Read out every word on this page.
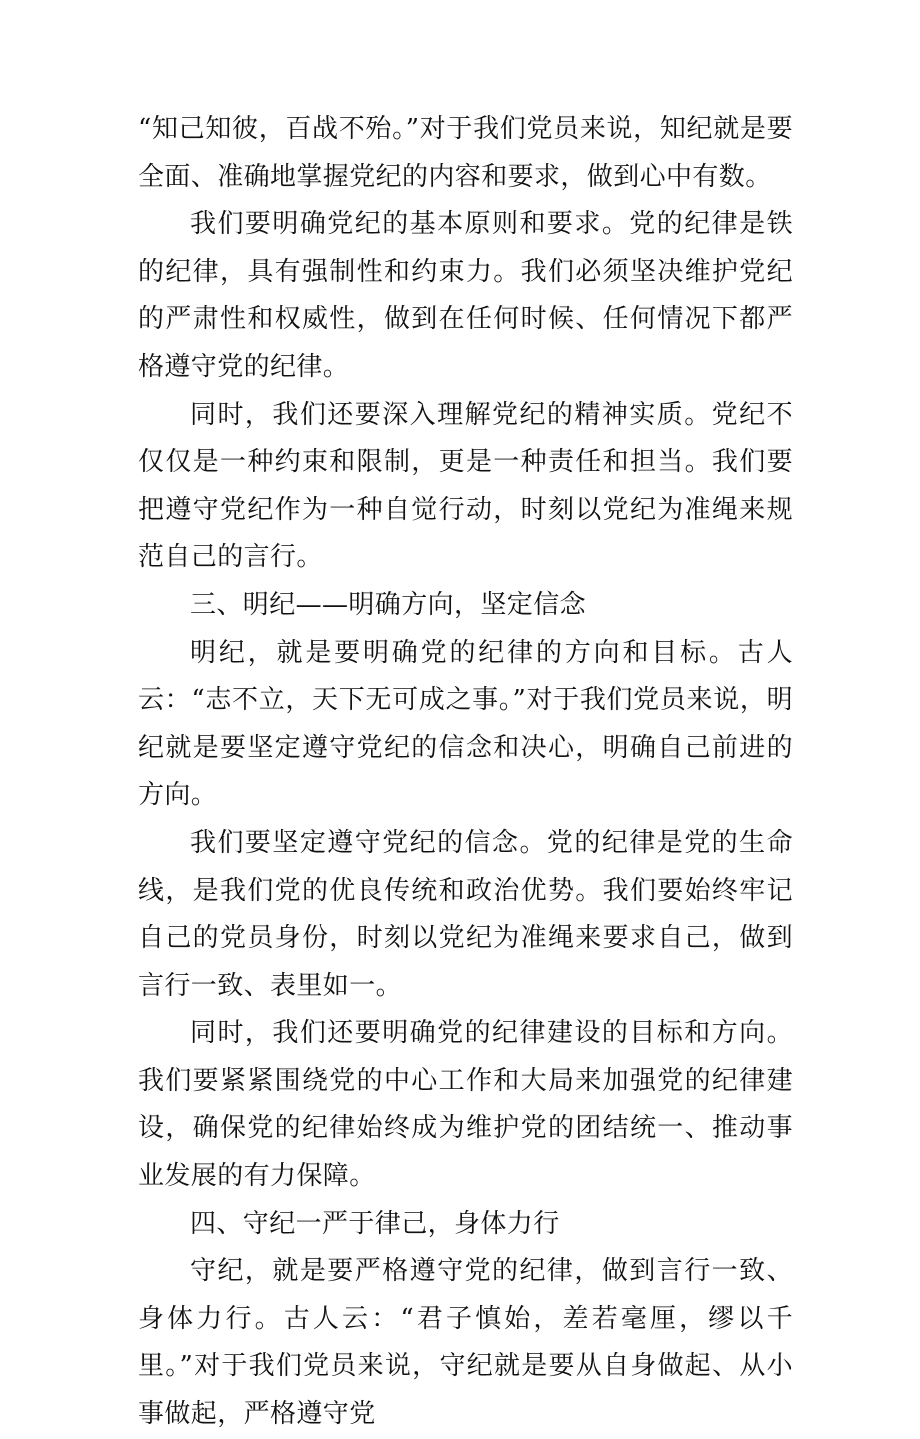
“知己知彼，百战不殆。”对于我们党员来说，知纪就是要全面、准确地掌握党纪的内容和要求，做到心中有数。

我们要明确党纪的基本原则和要求。党的纪律是铁的纪律，具有强制性和约束力。我们必须坚决维护党纪的严肃性和权威性，做到在任何时候、任何情况下都严格遵守党的纪律。

同时，我们还要深入理解党纪的精神实质。党纪不仅仅是一种约束和限制，更是一种责任和担当。我们要把遵守党纪作为一种自觉行动，时刻以党纪为准绳来规范自己的言行。

三、明纪——明确方向，坚定信念

明纪，就是要明确党的纪律的方向和目标。古人云：“志不立，天下无可成之事。”对于我们党员来说，明纪就是要坚定遵守党纪的信念和决心，明确自己前进的方向。

我们要坚定遵守党纪的信念。党的纪律是党的生命线，是我们党的优良传统和政治优势。我们要始终牢记自己的党员身份，时刻以党纪为准绳来要求自己，做到言行一致、表里如一。

同时，我们还要明确党的纪律建设的目标和方向。我们要紧紧围绕党的中心工作和大局来加强党的纪律建设，确保党的纪律始终成为维护党的团结统一、推动事业发展的有力保障。

四、守纪一严于律己，身体力行

守纪，就是要严格遵守党的纪律，做到言行一致、身体力行。古人云：“君子慎始，差若毫厘，缪以千里。”对于我们党员来说，守纪就是要从自身做起、从小事做起，严格遵守党
